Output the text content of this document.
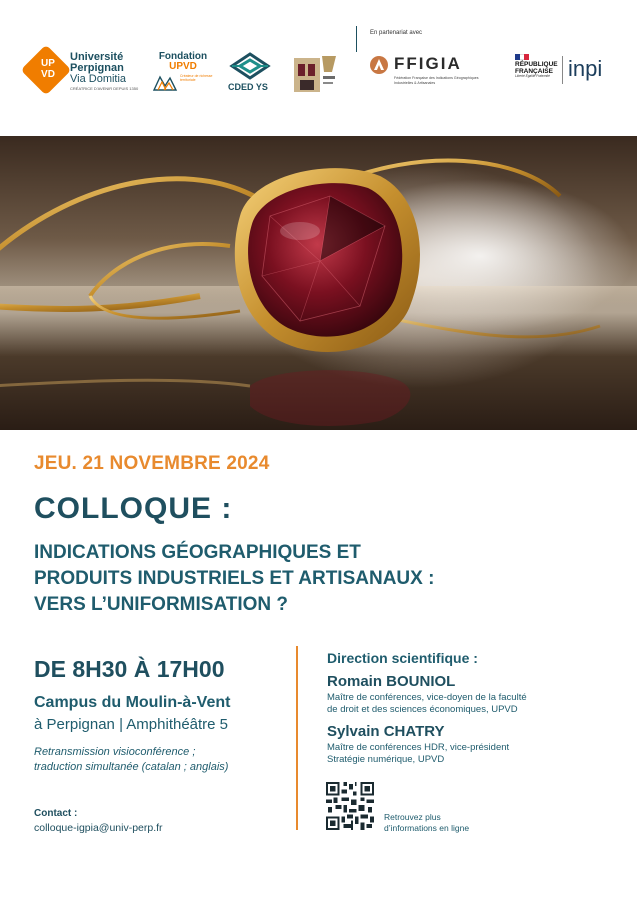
UP
VD
Université
Perpignan
Via Domitia
CRÉATRICE D'AVENIR DEPUIS 1350
Fondation
UPVD
Créateur de richesse territoriale
CDED YS
En partenariat avec
FFIGIA
Fédération Française des Indications Géographiques Industrielles & Artisanales
RÉPUBLIQUE
FRANÇAISE
Liberté Égalité Fraternité inpi
JEU. 21 NOVEMBRE 2024
COLLOQUE :
INDICATIONS GÉOGRAPHIQUES ET
PRODUITS INDUSTRIELS ET ARTISANAUX :
VERS L’UNIFORMISATION ?
DE 8H30 À 17H00
Campus du Moulin-à-Vent
à Perpignan | Amphithéâtre 5
Retransmission visioconférence ;
traduction simultanée (catalan ; anglais)
Contact :
colloque-igpia@univ-perp.fr
Direction scientifique :
Romain BOUNIOL
Maître de conférences, vice-doyen de la faculté
de droit et des sciences économiques, UPVD
Sylvain CHATRY
Maître de conférences HDR, vice-président
Stratégie numérique, UPVD
Retrouvez plus
d’informations en ligne
